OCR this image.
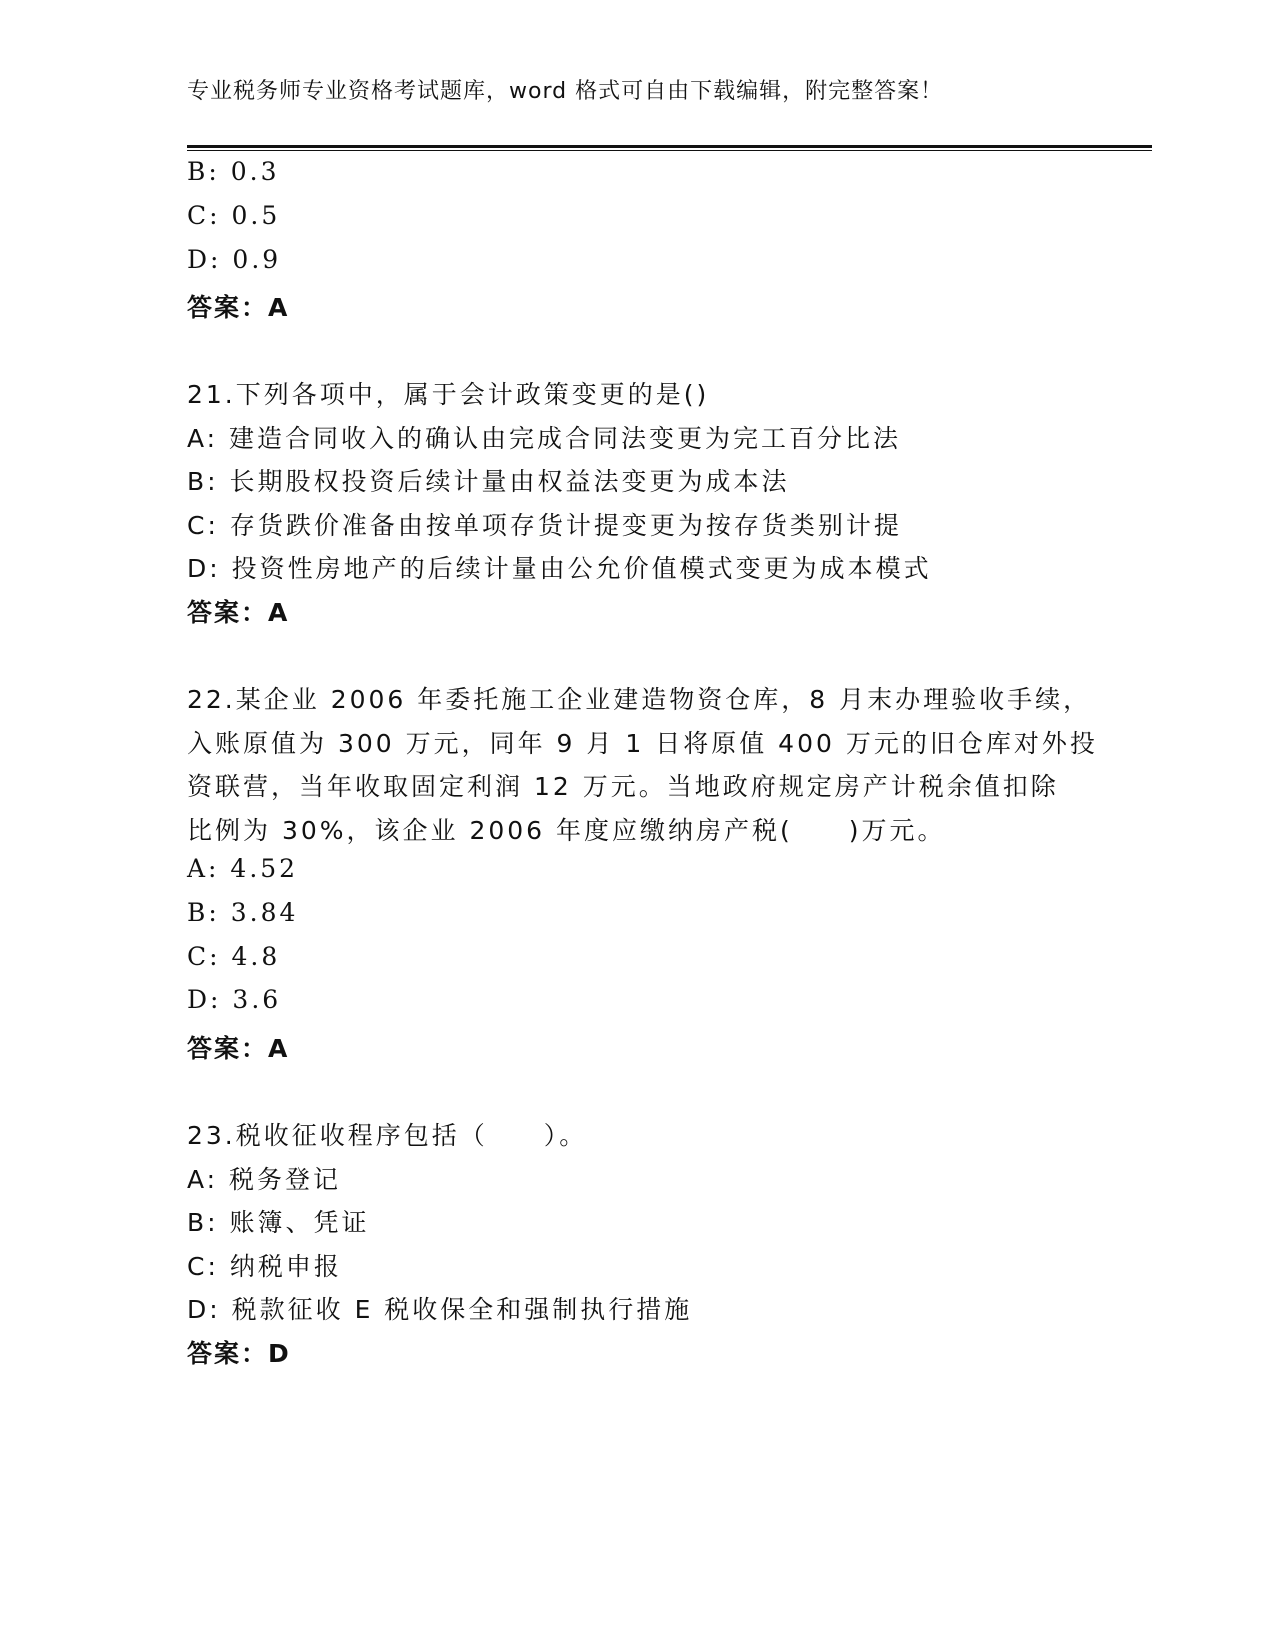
专业税务师专业资格考试题库，word 格式可自由下载编辑，附完整答案！
B: 0.3
C: 0.5
D: 0.9
答案：A
21.下列各项中，属于会计政策变更的是()
A: 建造合同收入的确认由完成合同法变更为完工百分比法
B: 长期股权投资后续计量由权益法变更为成本法
C: 存货跌价准备由按单项存货计提变更为按存货类别计提
D: 投资性房地产的后续计量由公允价值模式变更为成本模式
答案：A
22.某企业 2006 年委托施工企业建造物资仓库，8 月末办理验收手续，
入账原值为 300 万元，同年 9 月 1 日将原值 400 万元的旧仓库对外投
资联营，当年收取固定利润 12 万元。当地政府规定房产计税余值扣除
比例为 30%，该企业 2006 年度应缴纳房产税(　　)万元。
A: 4.52
B: 3.84
C: 4.8
D: 3.6
答案：A
23.税收征收程序包括（　　）。
A: 税务登记
B: 账簿、凭证
C: 纳税申报
D: 税款征收 E 税收保全和强制执行措施
答案：D
